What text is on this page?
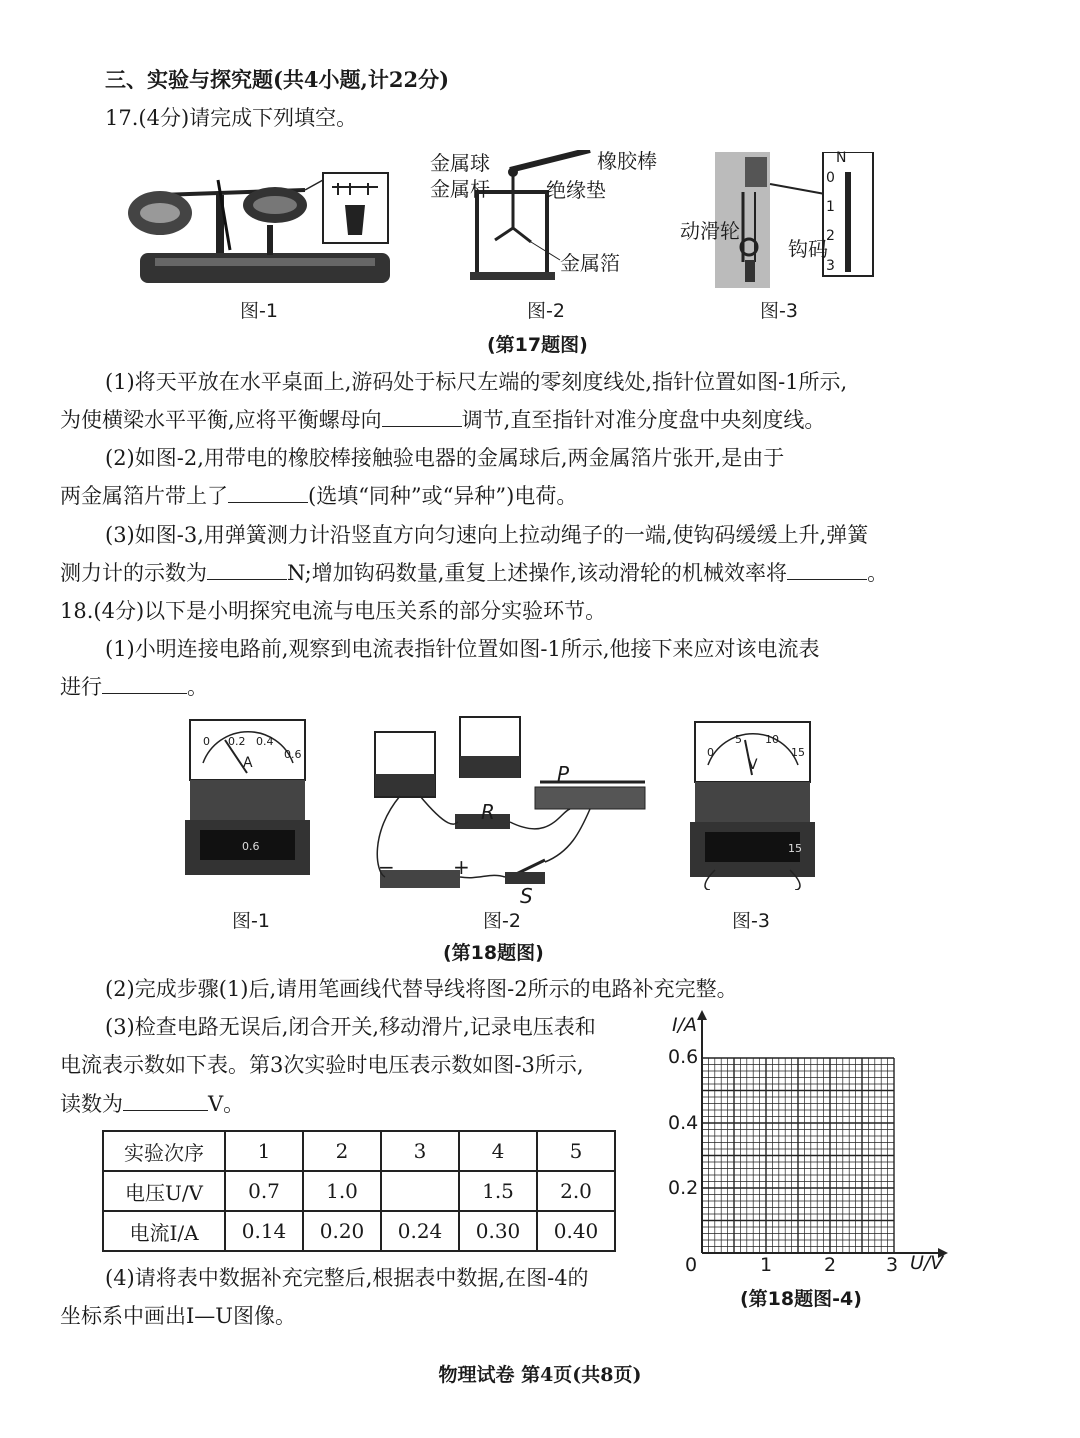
三、实验与探究题(共4小题,计22分)
17.(4分)请完成下列填空。
金属球
金属杆
橡胶棒
绝缘垫
金属箔
动滑轮
钩码
N
0
1
2
3
图-1	图-2	图-3
(第17题图)
(1)将天平放在水平桌面上,游码处于标尺左端的零刻度线处,指针位置如图-1所示,
为使横梁水平平衡,应将平衡螺母向	调节,直至指针对准分度盘中央刻度线。
(2)如图-2,用带电的橡胶棒接触验电器的金属球后,两金属箔片张开,是由于
两金属箔片带上了	(选填“同种”或“异种”)电荷。
(3)如图-3,用弹簧测力计沿竖直方向匀速向上拉动绳子的一端,使钩码缓缓上升,弹簧
测力计的示数为	N;增加钩码数量,重复上述操作,该动滑轮的机械效率将	。
18.(4分)以下是小明探究电流与电压关系的部分实验环节。
(1)小明连接电路前,观察到电流表指针位置如图-1所示,他接下来应对该电流表
进行	。
A
0 0.2 0.4
0.6
0.6
P
R
S
−	+
V
0
5 10
15
15
图-1	图-2	图-3
(第18题图)
(2)完成步骤(1)后,请用笔画线代替导线将图-2所示的电路补充完整。
(3)检查电路无误后,闭合开关,移动滑片,记录电压表和
电流表示数如下表。第3次实验时电压表示数如图-3所示,
读数为	V。
实验次序	1	2	3	4	5
电压U/V	0.7	1.0		1.5	2.0
电流I/A	0.14	0.20	0.24	0.30	0.40
(4)请将表中数据补充完整后,根据表中数据,在图-4的
坐标系中画出I—U图像。
I/A
U/V
0.6
0.4
0.2
0	1	2	3
(第18题图-4)
物理试卷 第4页(共8页)
